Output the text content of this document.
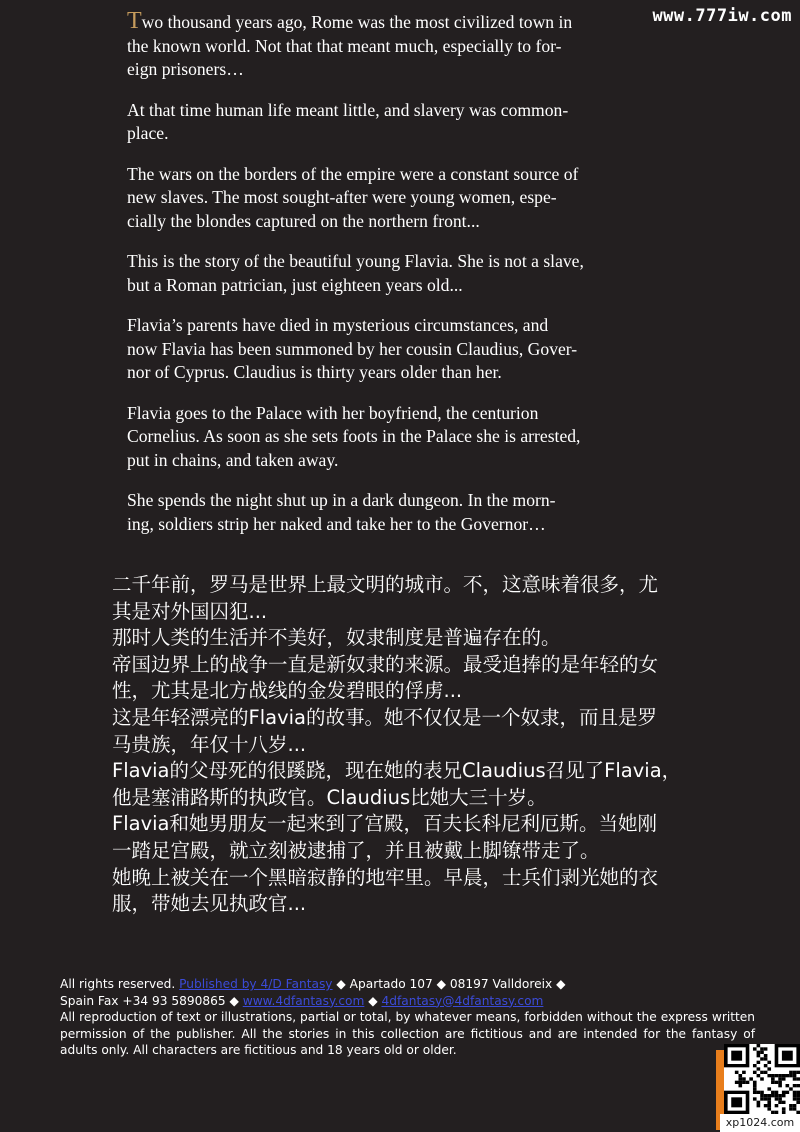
www.777iw.com

Two thousand years ago, Rome was the most civilized town in
the known world. Not that that meant much, especially to for-
eign prisoners…

At that time human life meant little, and slavery was common-
place.

The wars on the borders of the empire were a constant source of
new slaves. The most sought-after were young women, espe-
cially the blondes captured on the northern front...

This is the story of the beautiful young Flavia. She is not a slave,
but a Roman patrician, just eighteen years old...

Flavia’s parents have died in mysterious circumstances, and
now Flavia has been summoned by her cousin Claudius, Gover-
nor of Cyprus. Claudius is thirty years older than her.

Flavia goes to the Palace with her boyfriend, the centurion
Cornelius. As soon as she sets foots in the Palace she is arrested,
put in chains, and taken away.

She spends the night shut up in a dark dungeon. In the morn-
ing, soldiers strip her naked and take her to the Governor…

二千年前，罗马是世界上最文明的城市。不，这意味着很多，尤
其是对外国囚犯...
那时人类的生活并不美好，奴隶制度是普遍存在的。
帝国边界上的战争一直是新奴隶的来源。最受追捧的是年轻的女
性，尤其是北方战线的金发碧眼的俘虏...
这是年轻漂亮的Flavia的故事。她不仅仅是一个奴隶，而且是罗
马贵族，年仅十八岁...
Flavia的父母死的很蹊跷，现在她的表兄Claudius召见了Flavia，
他是塞浦路斯的执政官。Claudius比她大三十岁。
Flavia和她男朋友一起来到了宫殿，百夫长科尼利厄斯。当她刚
一踏足宫殿，就立刻被逮捕了，并且被戴上脚镣带走了。
她晚上被关在一个黑暗寂静的地牢里。早晨，士兵们剥光她的衣
服，带她去见执政官...
All rights reserved. Published by 4/D Fantasy ◆ Apartado 107 ◆ 08197 Valldoreix ◆
Spain Fax +34 93 5890865 ◆ www.4dfantasy.com ◆ 4dfantasy@4dfantasy.com
All reproduction of text or illustrations, partial or total, by whatever means, forbidden without the express written permission of the publisher. All the stories in this collection are fictitious and are intended for the fantasy of adults only. All characters are fictitious and 18 years old or older.
xp1024.com
